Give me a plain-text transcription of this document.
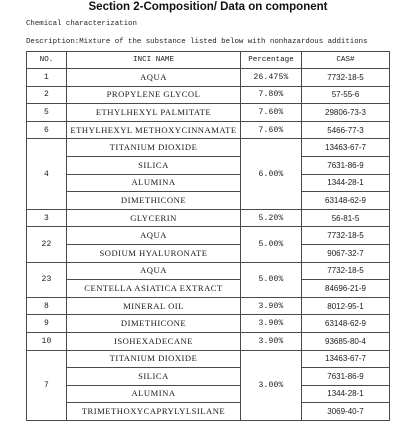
Section 2-Composition/ Data on component
Chemical characterization
Description:Mixture of the substance listed below with nonhazardous additions
NO.	INCI NAME	Percentage	CAS#
1	AQUA	26.475%	7732-18-5
2	PROPYLENE GLYCOL	7.80%	57-55-6
5	ETHYLHEXYL PALMITATE	7.60%	29806-73-3
6	ETHYLHEXYL METHOXYCINNAMATE	7.60%	5466-77-3
4	TITANIUM DIOXIDE	6.00%	13463-67-7
	SILICA		7631-86-9
	ALUMINA		1344-28-1
	DIMETHICONE		63148-62-9
3	GLYCERIN	5.20%	56-81-5
22	AQUA	5.00%	7732-18-5
	SODIUM HYALURONATE		9067-32-7
23	AQUA	5.00%	7732-18-5
	CENTELLA ASIATICA EXTRACT		84696-21-9
8	MINERAL OIL	3.90%	8012-95-1
9	DIMETHICONE	3.90%	63148-62-9
10	ISOHEXADECANE	3.90%	93685-80-4
7	TITANIUM DIOXIDE	3.00%	13463-67-7
	SILICA		7631-86-9
	ALUMINA		1344-28-1
	TRIMETHOXYCAPRYLYLSILANE		3069-40-7
